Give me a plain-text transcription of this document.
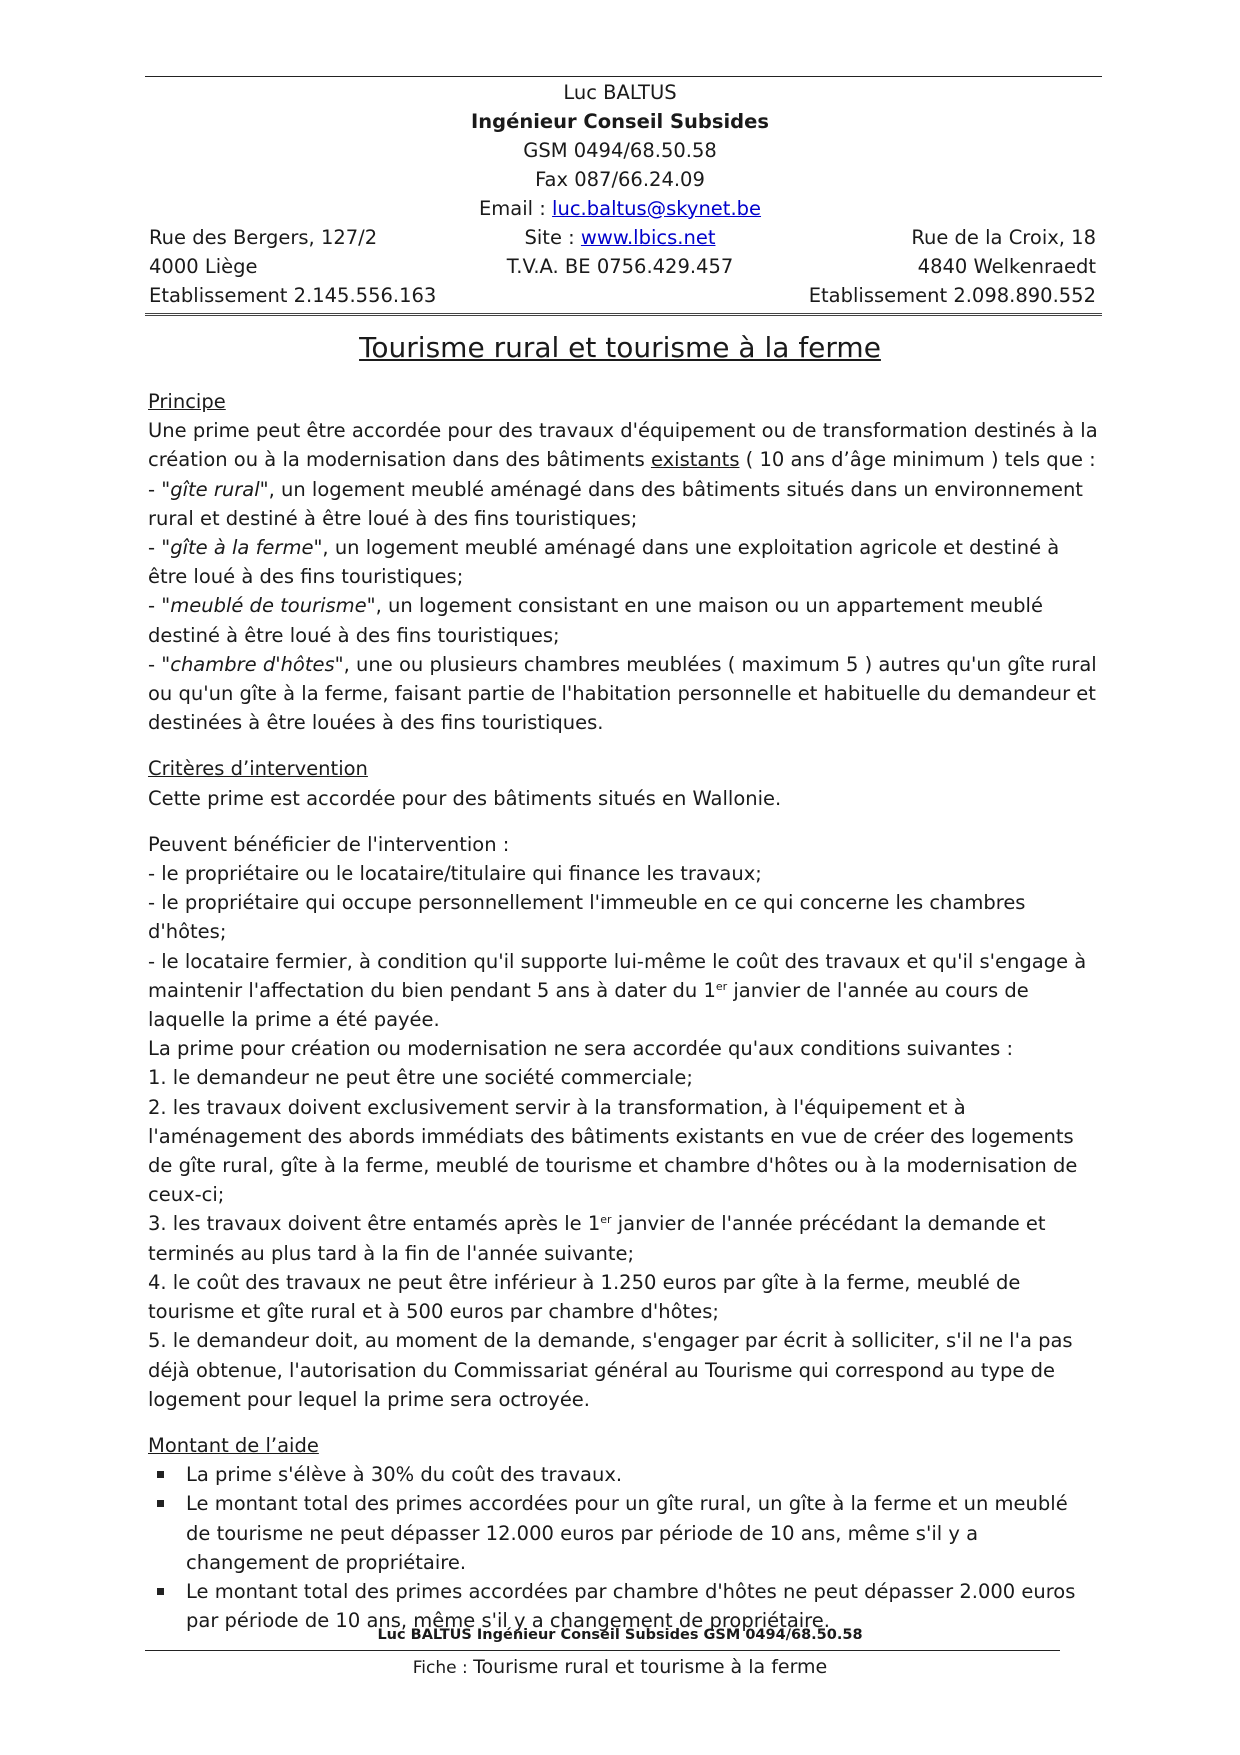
Luc BALTUS
Ingénieur Conseil Subsides
GSM 0494/68.50.58
Fax 087/66.24.09
Email : luc.baltus@skynet.be
Site : www.lbics.net
T.V.A. BE 0756.429.457
Rue des Bergers, 127/2
4000 Liège
Etablissement 2.145.556.163
Rue de la Croix, 18
4840 Welkenraedt
Etablissement 2.098.890.552
Tourisme rural et tourisme à la ferme

Principe

Une prime peut être accordée pour des travaux d'équipement ou de transformation destinés à la création ou à la modernisation dans des bâtiments existants ( 10 ans d’âge minimum ) tels que :

- "gîte rural", un logement meublé aménagé dans des bâtiments situés dans un environnement rural et destiné à être loué à des fins touristiques;

- "gîte à la ferme", un logement meublé aménagé dans une exploitation agricole et destiné à être loué à des fins touristiques;

- "meublé de tourisme", un logement consistant en une maison ou un appartement meublé destiné à être loué à des fins touristiques;

- "chambre d'hôtes", une ou plusieurs chambres meublées ( maximum 5 ) autres qu'un gîte rural ou qu'un gîte à la ferme, faisant partie de l'habitation personnelle et habituelle du demandeur et destinées à être louées à des fins touristiques.

Critères d’intervention

Cette prime est accordée pour des bâtiments situés en Wallonie.

Peuvent bénéficier de l'intervention :

- le propriétaire ou le locataire/titulaire qui finance les travaux;

- le propriétaire qui occupe personnellement l'immeuble en ce qui concerne les chambres d'hôtes;

- le locataire fermier, à condition qu'il supporte lui-même le coût des travaux et qu'il s'engage à maintenir l'affectation du bien pendant 5 ans à dater du 1er janvier de l'année au cours de laquelle la prime a été payée.

La prime pour création ou modernisation ne sera accordée qu'aux conditions suivantes :

1. le demandeur ne peut être une société commerciale;

2. les travaux doivent exclusivement servir à la transformation, à l'équipement et à l'aménagement des abords immédiats des bâtiments existants en vue de créer des logements de gîte rural, gîte à la ferme, meublé de tourisme et chambre d'hôtes ou à la modernisation de ceux-ci;

3. les travaux doivent être entamés après le 1er janvier de l'année précédant la demande et terminés au plus tard à la fin de l'année suivante;

4. le coût des travaux ne peut être inférieur à 1.250 euros par gîte à la ferme, meublé de tourisme et gîte rural et à 500 euros par chambre d'hôtes;

5. le demandeur doit, au moment de la demande, s'engager par écrit à solliciter, s'il ne l'a pas déjà obtenue, l'autorisation du Commissariat général au Tourisme qui correspond au type de logement pour lequel la prime sera octroyée.

Montant de l’aide

La prime s'élève à 30% du coût des travaux.
Le montant total des primes accordées pour un gîte rural, un gîte à la ferme et un meublé de tourisme ne peut dépasser 12.000 euros par période de 10 ans, même s'il y a changement de propriétaire.
Le montant total des primes accordées par chambre d'hôtes ne peut dépasser 2.000 euros par période de 10 ans, même s'il y a changement de propriétaire.
Luc BALTUS Ingénieur Conseil Subsides GSM 0494/68.50.58
Fiche : Tourisme rural et tourisme à la ferme
